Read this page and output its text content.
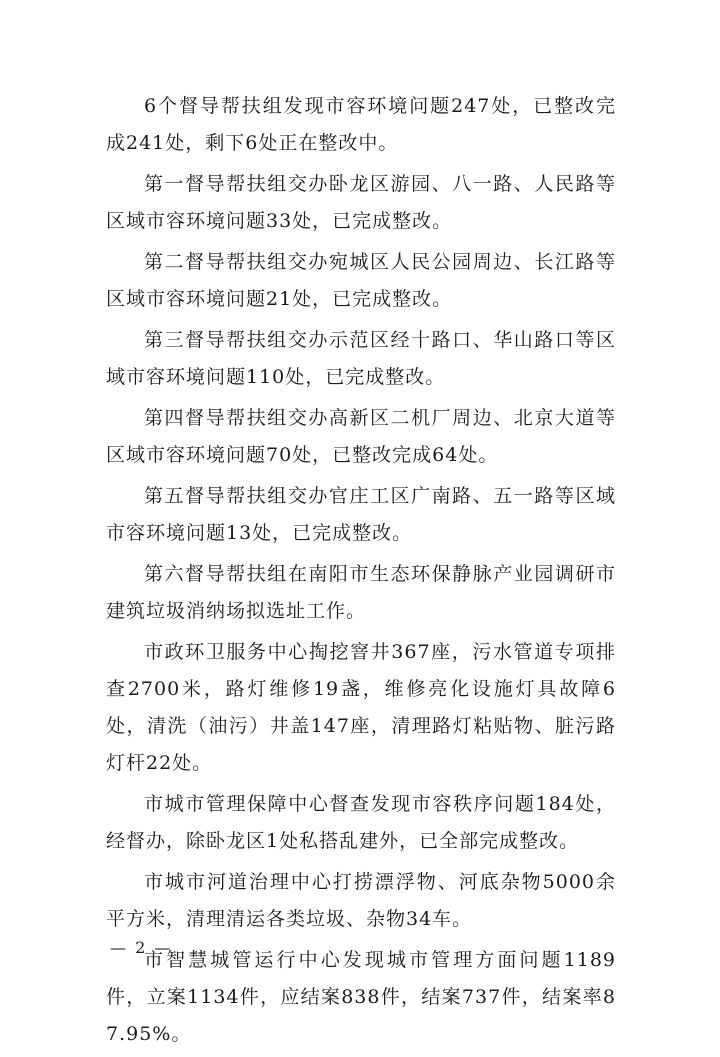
6个督导帮扶组发现市容环境问题247处，已整改完成241处，剩下6处正在整改中。

第一督导帮扶组交办卧龙区游园、八一路、人民路等区域市容环境问题33处，已完成整改。

第二督导帮扶组交办宛城区人民公园周边、长江路等区域市容环境问题21处，已完成整改。

第三督导帮扶组交办示范区经十路口、华山路口等区域市容环境问题110处，已完成整改。

第四督导帮扶组交办高新区二机厂周边、北京大道等区域市容环境问题70处，已整改完成64处。

第五督导帮扶组交办官庄工区广南路、五一路等区域市容环境问题13处，已完成整改。

第六督导帮扶组在南阳市生态环保静脉产业园调研市建筑垃圾消纳场拟选址工作。

市政环卫服务中心掏挖窨井367座，污水管道专项排查2700米，路灯维修19盏，维修亮化设施灯具故障6处，清洗（油污）井盖147座，清理路灯粘贴物、脏污路灯杆22处。

市城市管理保障中心督查发现市容秩序问题184处，经督办，除卧龙区1处私搭乱建外，已全部完成整改。

市城市河道治理中心打捞漂浮物、河底杂物5000余平方米，清理清运各类垃圾、杂物34车。

市智慧城管运行中心发现城市管理方面问题1189件，立案1134件，应结案838件，结案737件，结案率87.95%。

— 2 —
